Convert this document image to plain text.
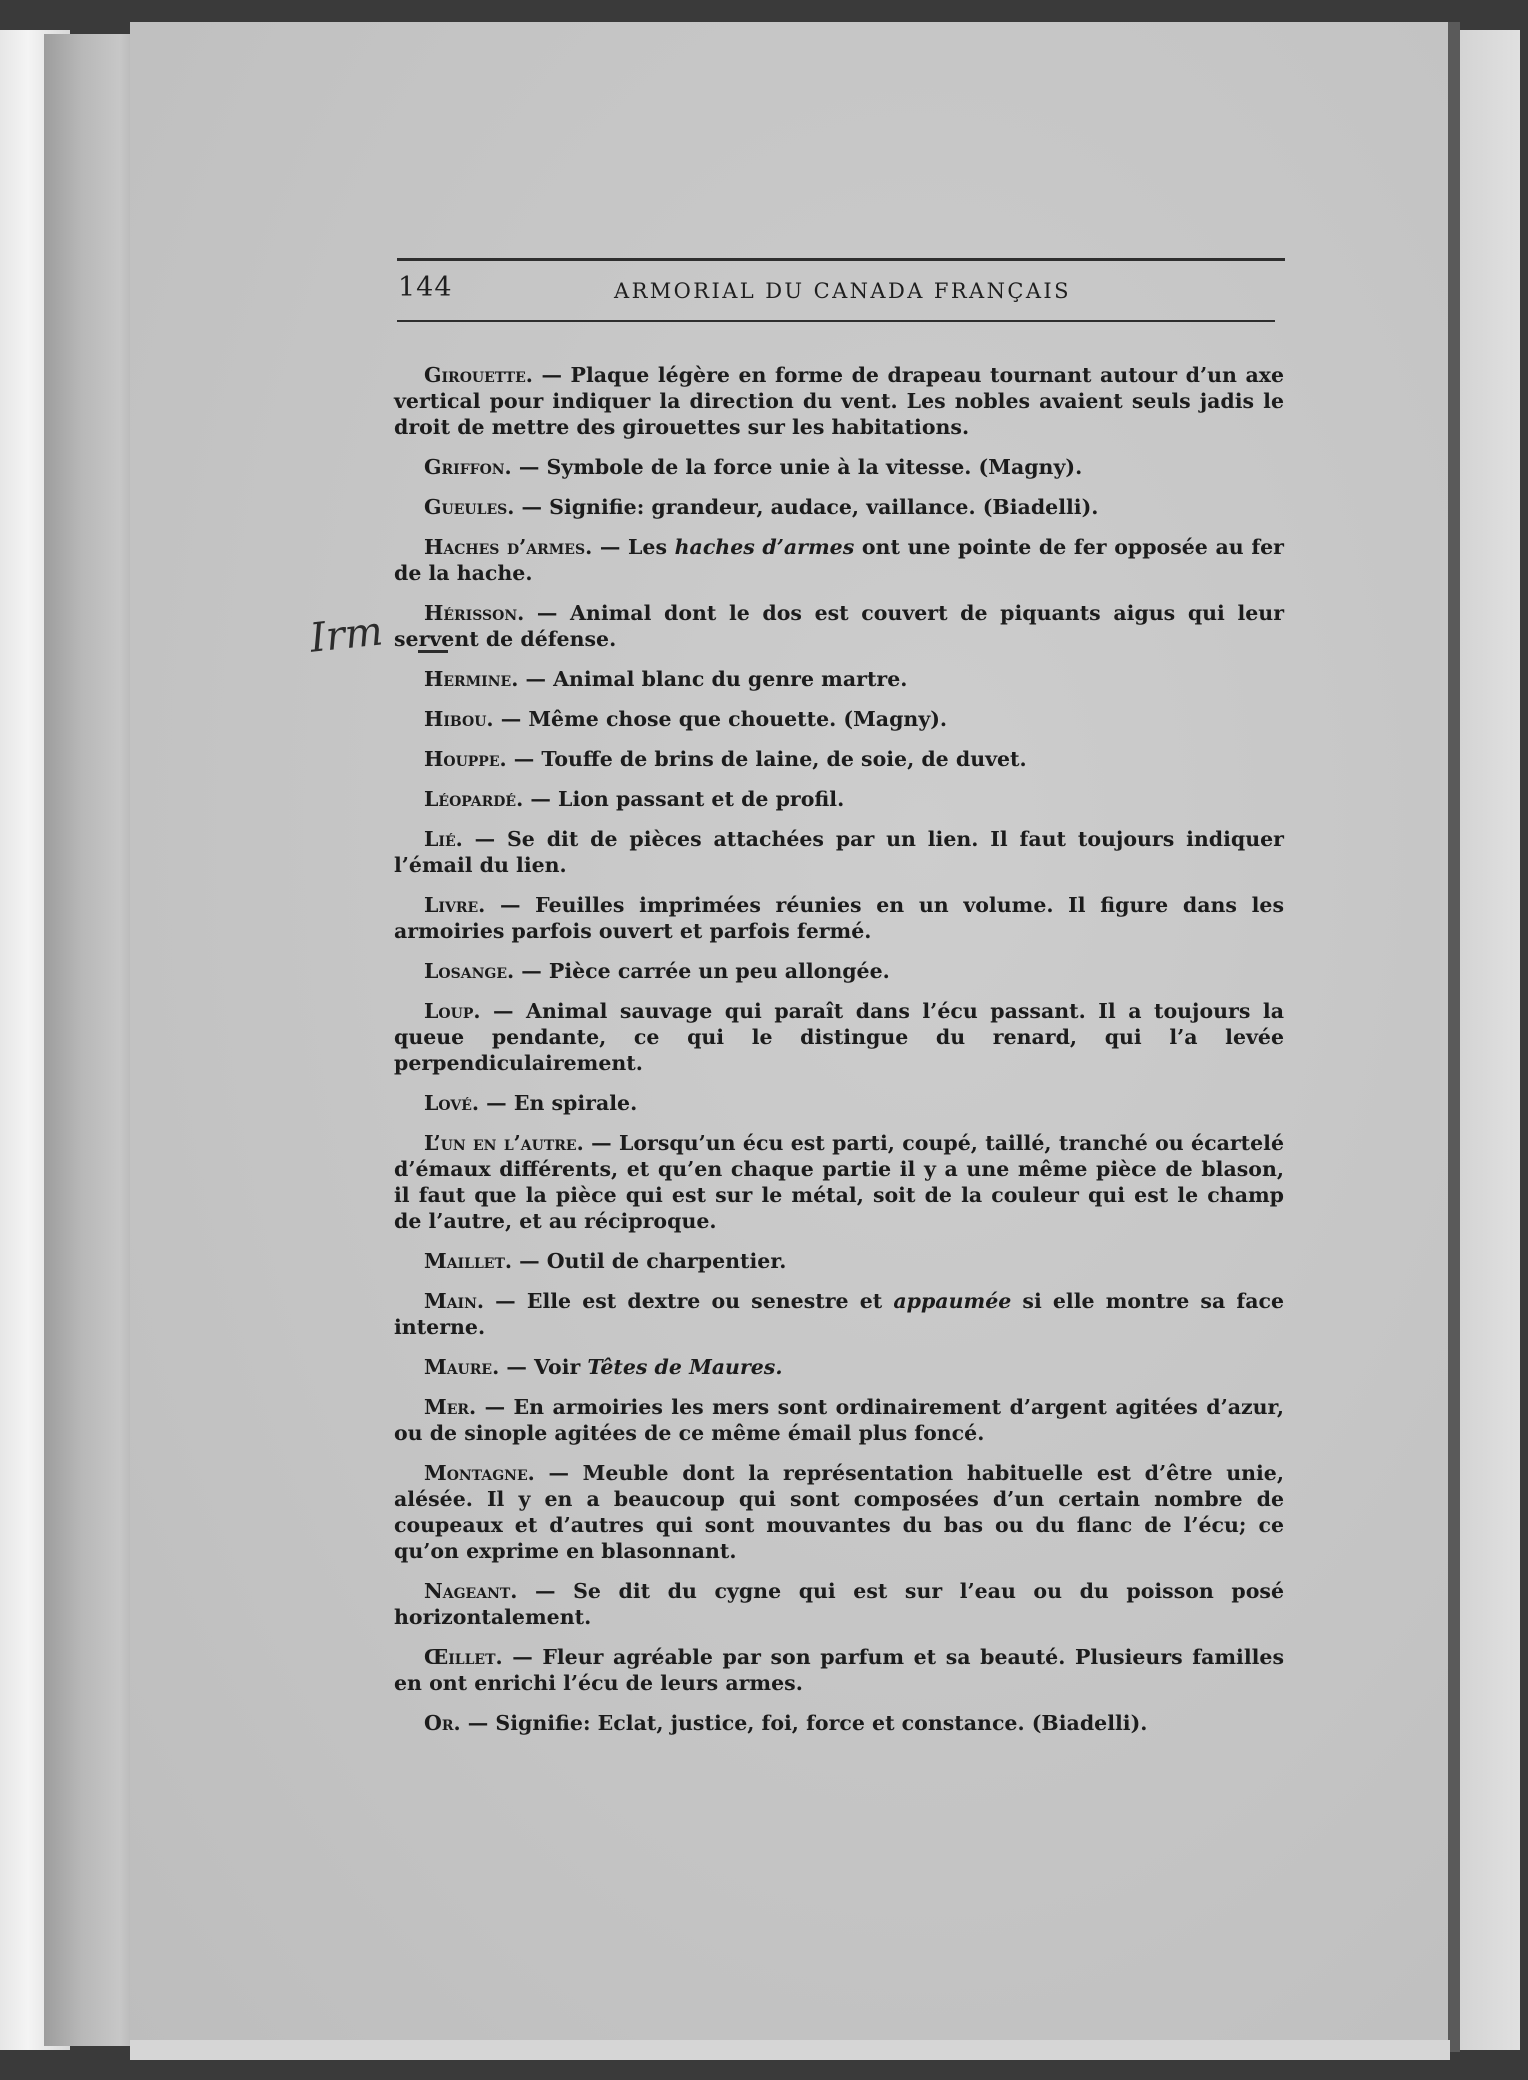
144	ARMORIAL DU CANADA FRANÇAIS
Irm

Girouette. — Plaque légère en forme de drapeau tournant autour d’un axe vertical pour indiquer la direction du vent. Les nobles avaient seuls jadis le droit de mettre des girouettes sur les habitations.

Griffon. — Symbole de la force unie à la vitesse. (Magny).

Gueules. — Signifie: grandeur, audace, vaillance. (Biadelli).

Haches d’armes. — Les haches d’armes ont une pointe de fer opposée au fer de la hache.

Hérisson. — Animal dont le dos est couvert de piquants aigus qui leur servent de défense.

Hermine. — Animal blanc du genre martre.

Hibou. — Même chose que chouette. (Magny).

Houppe. — Touffe de brins de laine, de soie, de duvet.

Léopardé. — Lion passant et de profil.

Lié. — Se dit de pièces attachées par un lien. Il faut toujours indiquer l’émail du lien.

Livre. — Feuilles imprimées réunies en un volume. Il figure dans les armoiries parfois ouvert et parfois fermé.

Losange. — Pièce carrée un peu allongée.

Loup. — Animal sauvage qui paraît dans l’écu passant. Il a toujours la queue pendante, ce qui le distingue du renard, qui l’a levée perpendiculairement.

Lové. — En spirale.

L’un en l’autre. — Lorsqu’un écu est parti, coupé, taillé, tranché ou écartelé d’émaux différents, et qu’en chaque partie il y a une même pièce de blason, il faut que la pièce qui est sur le métal, soit de la couleur qui est le champ de l’autre, et au réciproque.

Maillet. — Outil de charpentier.

Main. — Elle est dextre ou senestre et appaumée si elle montre sa face interne.

Maure. — Voir Têtes de Maures.

Mer. — En armoiries les mers sont ordinairement d’argent agitées d’azur, ou de sinople agitées de ce même émail plus foncé.

Montagne. — Meuble dont la représentation habituelle est d’être unie, alésée. Il y en a beaucoup qui sont composées d’un certain nombre de coupeaux et d’autres qui sont mouvantes du bas ou du flanc de l’écu; ce qu’on exprime en blasonnant.

Nageant. — Se dit du cygne qui est sur l’eau ou du poisson posé horizontalement.

Œillet. — Fleur agréable par son parfum et sa beauté. Plusieurs familles en ont enrichi l’écu de leurs armes.

Or. — Signifie: Eclat, justice, foi, force et constance. (Biadelli).
